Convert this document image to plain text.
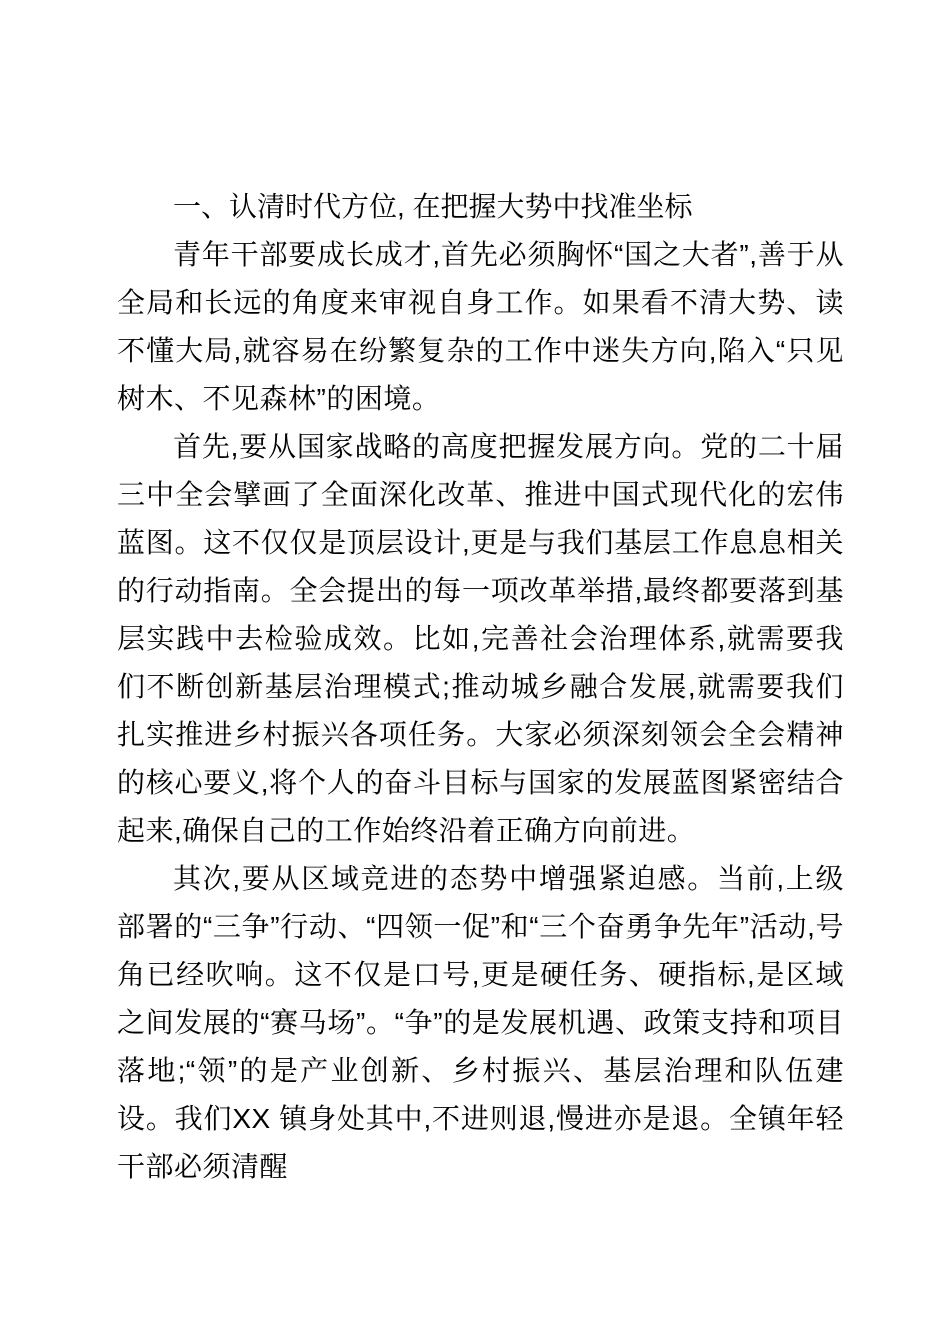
一、认清时代方位, 在把握大势中找准坐标

青年干部要成长成才,首先必须胸怀“国之大者”,善于从全局和长远的角度来审视自身工作。如果看不清大势、读不懂大局,就容易在纷繁复杂的工作中迷失方向,陷入“只见树木、不见森林”的困境。

首先,要从国家战略的高度把握发展方向。党的二十届三中全会擘画了全面深化改革、推进中国式现代化的宏伟蓝图。这不仅仅是顶层设计,更是与我们基层工作息息相关的行动指南。全会提出的每一项改革举措,最终都要落到基层实践中去检验成效。比如,完善社会治理体系,就需要我们不断创新基层治理模式;推动城乡融合发展,就需要我们扎实推进乡村振兴各项任务。大家必须深刻领会全会精神的核心要义,将个人的奋斗目标与国家的发展蓝图紧密结合起来,确保自己的工作始终沿着正确方向前进。

其次,要从区域竞进的态势中增强紧迫感。当前,上级部署的“三争”行动、“四领一促”和“三个奋勇争先年”活动,号角已经吹响。这不仅是口号,更是硬任务、硬指标,是区域之间发展的“赛马场”。“争”的是发展机遇、政策支持和项目落地;“领”的是产业创新、乡村振兴、基层治理和队伍建设。我们XX 镇身处其中,不进则退,慢进亦是退。全镇年轻干部必须清醒
